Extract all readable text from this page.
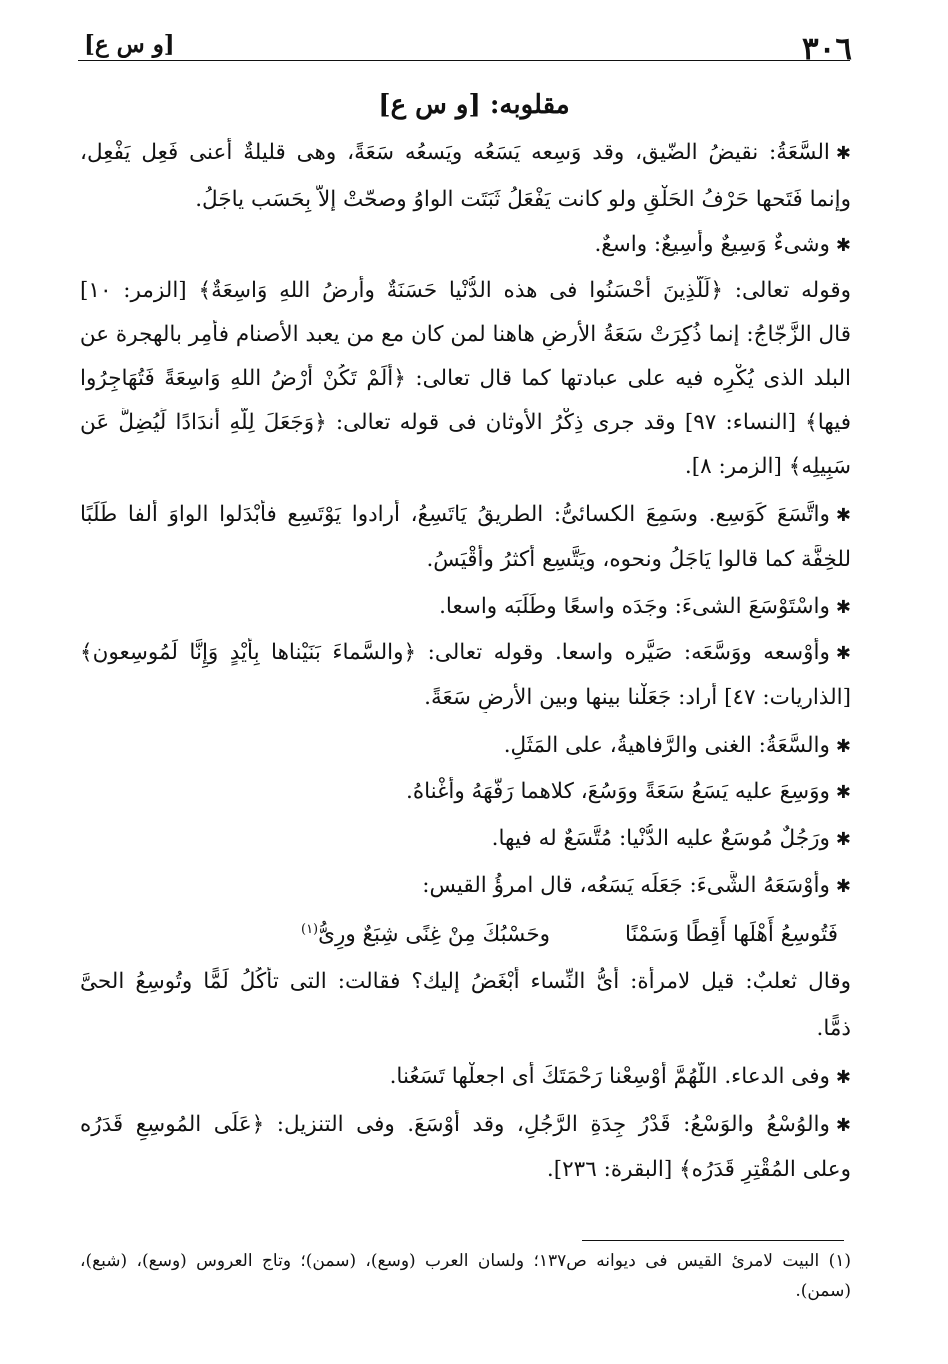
٣٠٦
[و س ع]
مقلوبه: [و س ع]
✱السَّعَةُ: نقيضُ الضّيق، وقد وَسِعه يَسَعُه ويَسعُه سَعَةً، وهى قليلةٌ أعنى فَعِل يَفْعِل،
وإنما فَتَحها حَرْفُ الحَلْقِ ولو كانت يَفْعَلُ ثَبَتَت الواوُ وصحّتْ إلاَّ بِحَسَب ياجَلُ.
✱وشىءٌ وَسِيعٌ وأَسِيعٌ: واسعٌ.
وقوله تعالى: ﴿لِّلَّذِينَ أَحْسَنُوا فى هذه الدُّنْيا حَسَنَةٌ وأرضُ اللهِ وَاسِعَةٌ﴾ [الزمر: ١٠]
قال الزَّجّاجُ: إنما ذُكِرَتْ سَعَةُ الأرضِ هاهنا لمن كان مع من يعبد الأصنام فأُمِر بالهجرة عن
البلد الذى يُكْرِه فيه على عبادتها كما قال تعالى: ﴿أَلَمْ تَكُنْ أَرْضُ اللهِ وَاسِعَةً فَتُهَاجِرُوا
فيها﴾ [النساء: ٩٧] وقد جرى ذِكْرُ الأوثان فى قوله تعالى: ﴿وَجَعَلَ لِلَّهِ أَندَادًا لِّيُضِلَّ عَن
سَبِيلِه﴾ [الزمر: ٨].
✱واتَّسَعَ كَوَسِع. وسَمِعَ الكسائىُّ: الطريقُ يَاتَسِعُ، أرادوا يَوْتَسِع فأبْدَلوا الواوَ ألفا طَلَبًا
للخِفَّة كما قالوا يَاجَلُ ونحوه، ويَتَّسِع أكثرُ وأقْيَسُ.
✱واسْتَوْسَعَ الشىءَ: وجَدَه واسعًا وطَلَبَه واسعا.
✱وأوْسعه ووَسَّعَه: صَيَّره واسعا. وقوله تعالى: ﴿والسَّماءَ بَنَيْناها بِأَيْدٍ وَإِنَّا لَمُوسِعون﴾
[الذاريات: ٤٧] أراد: جَعَلْنا بينها وبين الأرضِ سَعَةً.
✱والسَّعَةُ: الغنى والرَّفاهيةُ، على المَثَلِ.
✱ووَسِعَ عليه يَسَعُ سَعَةً ووَسُعَ، كلاهما رَفَّهَهُ وأغْناهُ.
✱ورَجُلٌ مُوسَعٌ عليه الدُّنْيا: مُتَّسَعٌ له فيها.
✱وأوْسَعَهُ الشَّىءَ: جَعَلَه يَسَعُه، قال امرؤُ القيس:
فَتُوسِعُ أَهْلَها أَقِطًا وَسَمْنًا
وحَسْبُكَ مِنْ غِنًى شِبَعٌ ورِىُّ$^{(١)}$
وقال ثعلبٌ: قيل لامرأة: أىُّ النِّساء أبْغَضُ إليك؟ فقالت: التى تأكُلُ لَمًّا وتُوسِعُ الحىَّ
ذمًّا.
✱وفى الدعاء. اللَّهُمَّ أوْسِعْنا رَحْمَتَكَ أى اجعلْها تَسَعُنا.
✱والوُسْعُ والوَسْعُ: قَدْرُ جِدَةِ الرَّجُلِ، وقد أوْسَعَ. وفى التنزيل: ﴿عَلَى المُوسِعِ قَدَرُه
وعلى المُقْتِرِ قَدَرُه﴾ [البقرة: ٢٣٦].
(١) البيت لامرئ القيس فى ديوانه ص١٣٧؛ ولسان العرب (وسع)، (سمن)؛ وتاج العروس (وسع)، (شبع)،
(سمن).
